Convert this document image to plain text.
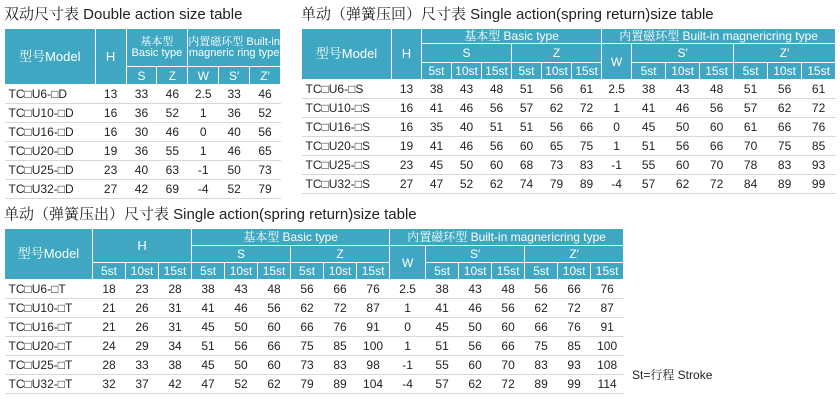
双动尺寸表 Double action size table	单动（弹簧压回）尺寸表 Single action(spring return)size table
单动（弹簧压出）尺寸表 Single action(spring return)size table
型号Model	H	基本型 Basic type		内置磁环型 Built-in magneric ring type		
		S	Z	W	S′	Z′
TC□U6-□D	13	33	46	2.5	33	46
TC□U10-□D	16	36	52	1	36	52
TC□U16-□D	16	30	46	0	40	56
TC□U20-□D	19	36	55	1	46	65
TC□U25-□D	23	40	63	-1	50	73
TC□U32-□D	27	42	69	-4	52	79
型号Model	H	基本型 Basic type						内置磁环型 Built-in magnericring type						
		S			Z			W	S′			Z′		
		5st	10st	15st	5st	10st	15st		5st	10st	15st	5st	10st	15st
TC□U6-□S	13	38	43	48	51	56	61	2.5	38	43	48	51	56	61
TC□U10-□S	16	41	46	56	57	62	72	1	41	46	56	57	62	72
TC□U16-□S	16	35	40	51	51	56	66	0	45	50	60	61	66	76
TC□U20-□S	19	41	46	56	60	65	75	1	51	56	66	70	75	85
TC□U25-□S	23	45	50	60	68	73	83	-1	55	60	70	78	83	93
TC□U32-□S	27	47	52	62	74	79	89	-4	57	62	72	84	89	99
型号Model	H			基本型 Basic type						内置磁环型 Built-in magnericring type						
				S			Z			W	S′			Z′		
	5st	10st	15st	5st	10st	15st	5st	10st	15st		5st	10st	15st	5st	10st	15st
TC□U6-□T	18	23	28	38	43	48	56	66	76	2.5	38	43	48	56	66	76
TC□U10-□T	21	26	31	41	46	56	62	72	87	1	41	46	56	62	72	87
TC□U16-□T	21	26	31	45	50	60	66	76	91	0	45	50	60	66	76	91
TC□U20-□T	24	29	34	51	56	66	75	85	100	1	51	56	66	75	85	100
TC□U25-□T	28	33	38	45	50	60	73	83	98	-1	55	60	70	83	93	108
TC□U32-□T	32	37	42	47	52	62	79	89	104	-4	57	62	72	89	99	114
St=行程 Stroke
